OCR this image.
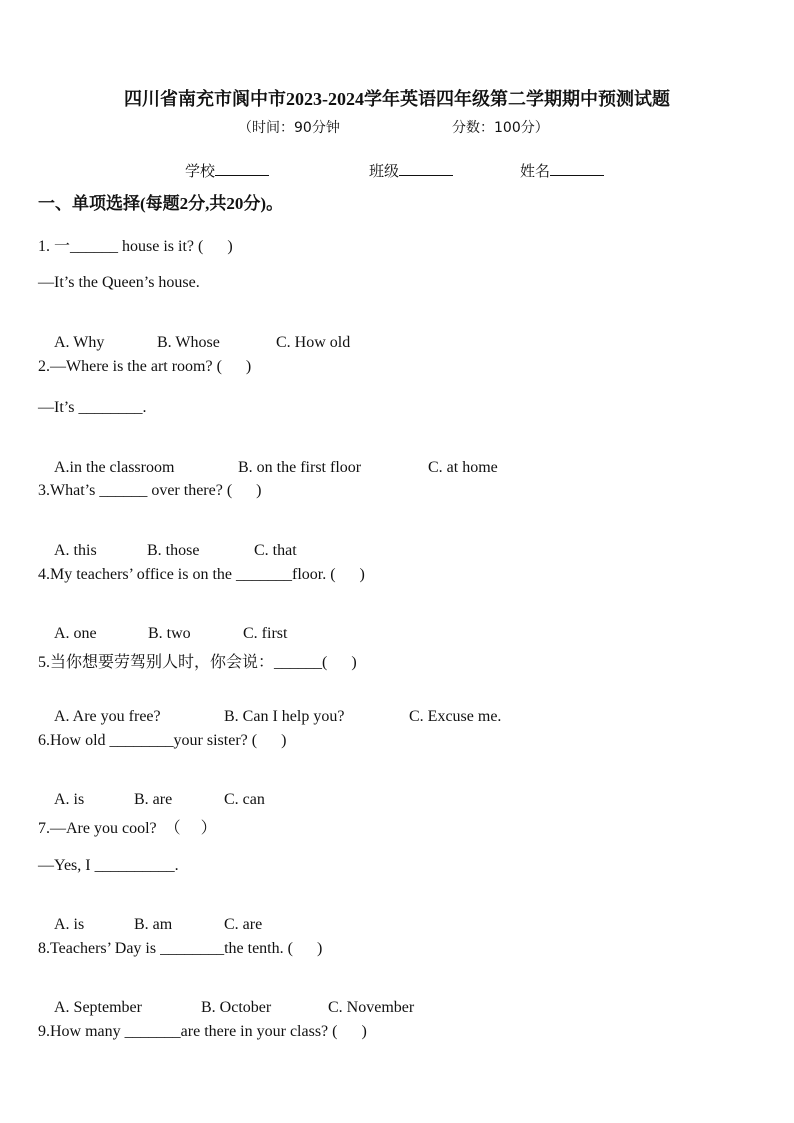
四川省南充市阆中市2023-2024学年英语四年级第二学期期中预测试题
（时间：90分钟	分数：100分）
学校	班级	姓名
一、单项选择(每题2分,共20分)。
1. 一______ house is it? (      )
—It’s the Queen’s house.

A. Why	B. Whose	C. How old

2.—Where is the art room? (      )
—It’s ________.

A.in the classroom	B. on the first floor	C. at home

3.What’s ______ over there? (      )

A. this	B. those	C. that

4.My teachers’ office is on the _______floor. (      )

A. one	B. two	C. first

5.当你想要劳驾别人时，你会说：______(      )

A. Are you free?	B. Can I help you?	C. Excuse me.

6.How old ________your sister? (      )

A. is	B. are	C. can

7.—Are you cool?  （     ）
—Yes, I __________.

A. is	B. am	C. are

8.Teachers’ Day is ________the tenth. (      )

A. September	B. October	C. November

9.How many _______are there in your class? (      )
